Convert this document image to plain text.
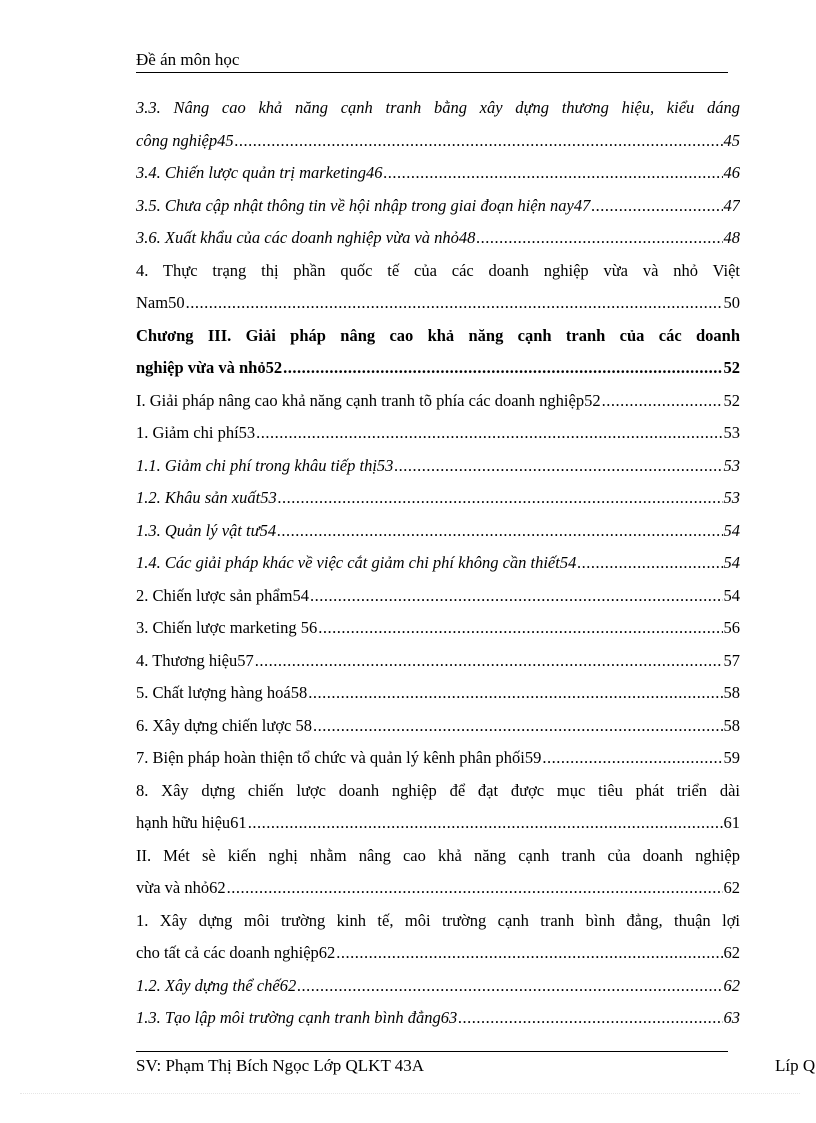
Đề án môn học
3.3. Nâng cao khả năng cạnh tranh bằng xây dựng thương hiệu, kiểu dáng
công nghiệp45 .....	45
3.4. Chiến lược quản trị marketing46 .....	46
3.5. Chưa cập nhật thông tin về hội nhập trong giai đoạn hiện nay47 .....	47
3.6. Xuất khẩu của các doanh nghiệp vừa và nhỏ48 .....	48
4. Thực trạng thị phần quốc tế của các doanh nghiệp vừa và nhỏ Việt
Nam50 .....	50
Chương III. Giải pháp nâng cao khả năng cạnh tranh của các doanh
nghiệp vừa và nhỏ52 .....	52
I. Giải pháp nâng cao khả năng cạnh tranh tõ phía các doanh nghiệp52 .....	52
1. Giảm chi phí53 .....	53
1.1. Giảm chi phí trong khâu tiếp thị53 .....	53
1.2. Khâu sản xuất53 .....	53
1.3. Quản lý vật tư54 .....	54
1.4. Các giải pháp khác về việc cắt giảm chi phí không cần thiết54 .....	54
2. Chiến lược sản phẩm54 .....	54
3. Chiến lược marketing 56 .....	56
4. Thương hiệu57 .....	57
5. Chất lượng hàng hoá58 .....	58
6. Xây dựng chiến lược 58 .....	58
7. Biện pháp hoàn thiện tổ chức và quản lý kênh phân phối59 .....	59
8. Xây dựng chiến lược doanh nghiệp để đạt được mục tiêu phát triển dài
hạnh hữu hiệu61 .....	61
II. Mét sè kiến nghị nhằm nâng cao khả năng cạnh tranh của doanh nghiệp
vừa và nhỏ62 .....	62
1. Xây dựng môi trường kinh tế, môi trường cạnh tranh bình đẳng, thuận lợi
cho tất cả các doanh nghiệp62 .....	62
1.2. Xây dựng thể chế62 .....	62
1.3. Tạo lập môi trường cạnh tranh bình đẳng63 .....	63
SV: Phạm Thị Bích Ngọc Lớp QLKT 43A	Líp Q
